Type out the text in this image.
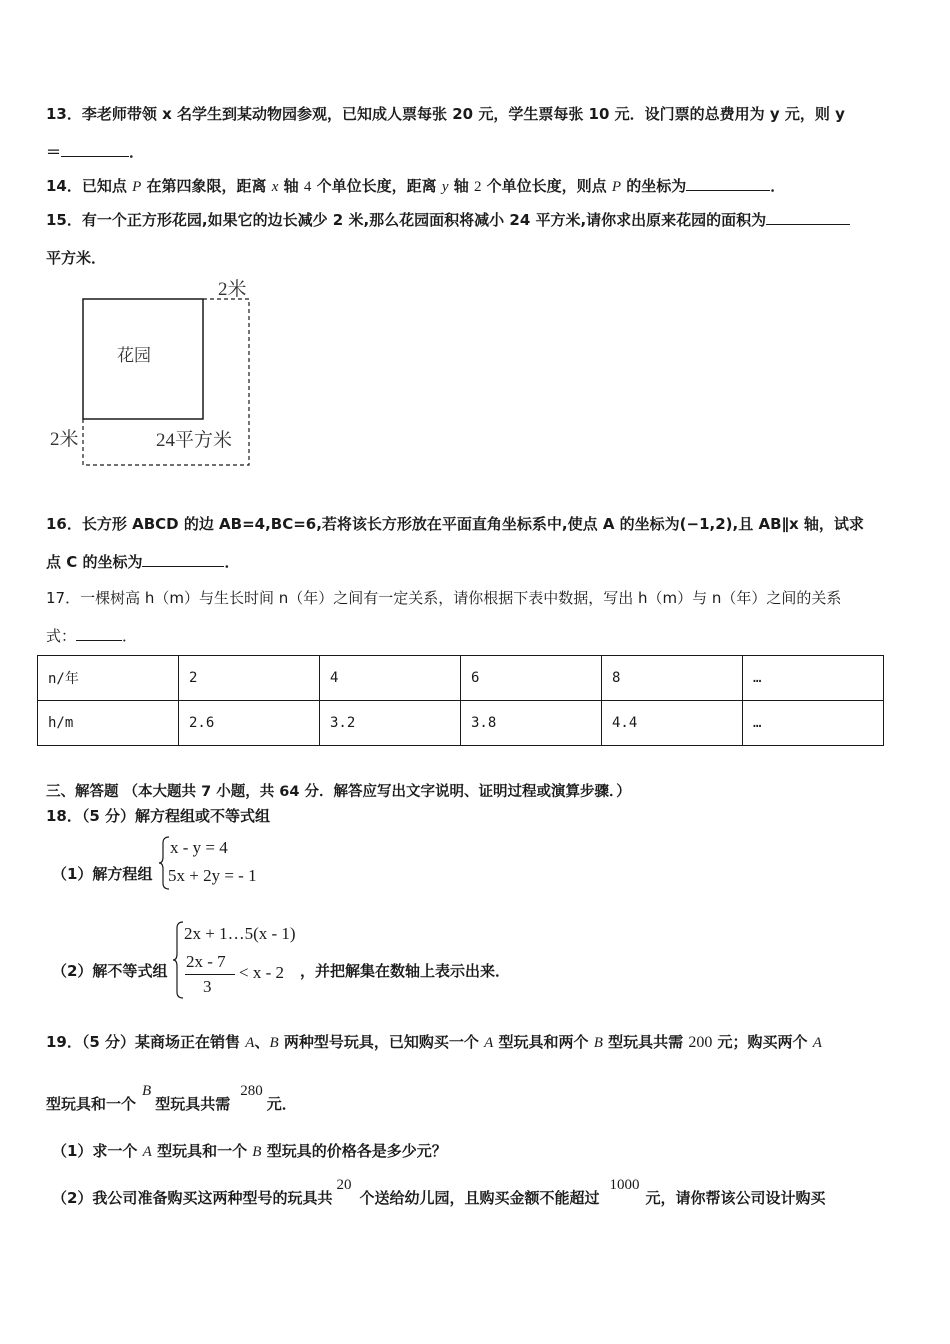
13．李老师带领 x 名学生到某动物园参观，已知成人票每张 20 元，学生票每张 10 元．设门票的总费用为 y 元，则 y
＝	．
14．已知点 P 在第四象限，距离 x 轴 4 个单位长度，距离 y 轴 2 个单位长度，则点 P 的坐标为	．
15．有一个正方形花园,如果它的边长减少 2 米,那么花园面积将减小 24 平方米,请你求出原来花园的面积为
平方米．
花园
2米
2米	24平方米
16．长方形 ABCD 的边 AB=4,BC=6,若将该长方形放在平面直角坐标系中,使点 A 的坐标为(−1,2),且 AB∥x 轴，试求
点 C 的坐标为	．
17．一棵树高 h（m）与生长时间 n（年）之间有一定关系，请你根据下表中数据，写出 h（m）与 n（年）之间的关系
式：	．
n/年	2	4	6	8	…
h/m	2.6	3.2	3.8	4.4	…
三、解答题 （本大题共 7 小题，共 64 分．解答应写出文字说明、证明过程或演算步骤．）
18．（5 分）解方程组或不等式组
（1）解方程组
x - y = 4
5x + 2y = - 1
（2）解不等式组
2x + 1…5(x - 1)
2x - 7
3
< x - 2 ，并把解集在数轴上表示出来．
19．（5 分）某商场正在销售 A、B 两种型号玩具，已知购买一个 A 型玩具和两个 B 型玩具共需 200 元；购买两个 A
型玩具和一个B型玩具共需280元．
（1）求一个 A 型玩具和一个 B 型玩具的价格各是多少元？
（2）我公司准备购买这两种型号的玩具共20个送给幼儿园，且购买金额不能超过1000元，请你帮该公司设计购买
